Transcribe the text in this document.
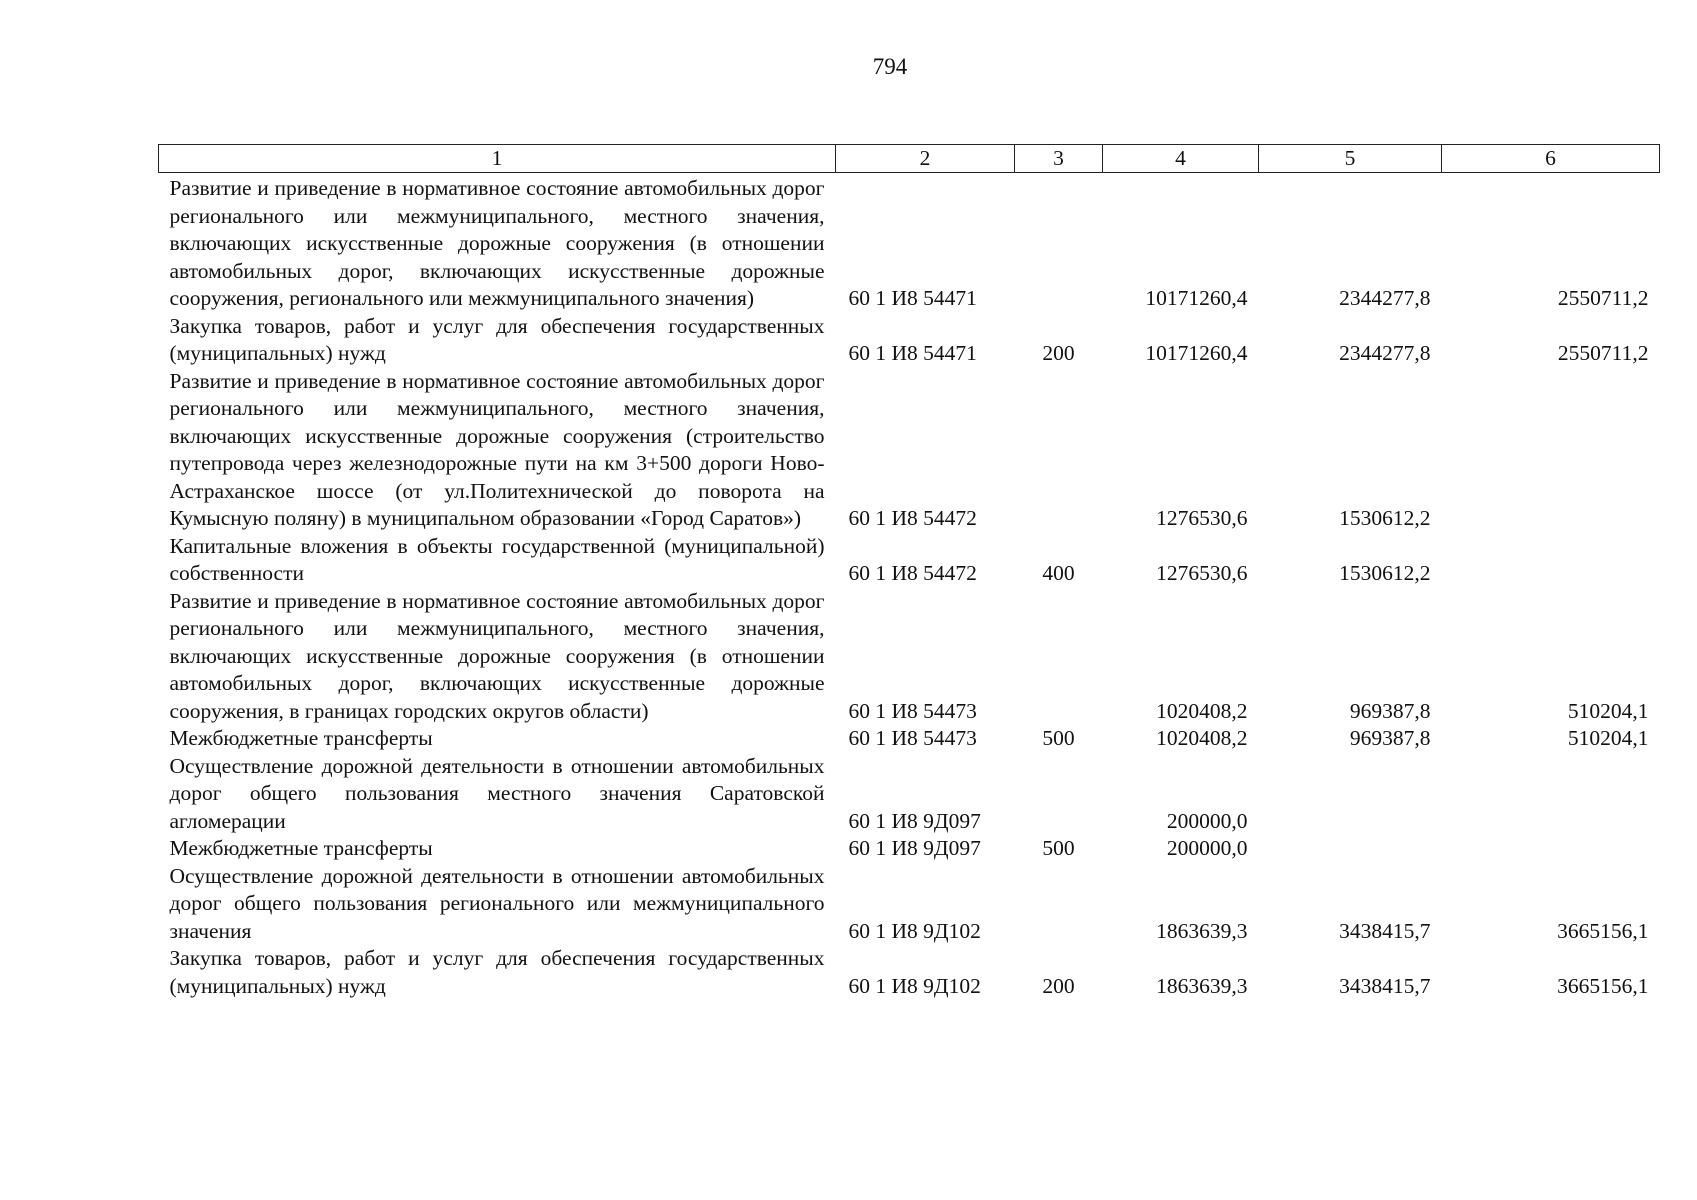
794
1	2	3	4	5	6
Развитие и приведение в нормативное состояние автомобильных дорог регионального или межмуниципального, местного значения, включающих искусственные дорожные сооружения (в отношении автомобильных дорог, включающих искусственные дорожные сооружения, регионального или межмуниципального значения)	60 1 И8 54471		10171260,4	2344277,8	2550711,2
Закупка товаров, работ и услуг для обеспечения государственных (муниципальных) нужд	60 1 И8 54471	200	10171260,4	2344277,8	2550711,2
Развитие и приведение в нормативное состояние автомобильных дорог регионального или межмуниципального, местного значения, включающих искусственные дорожные сооружения (строительство путепровода через железнодорожные пути на км 3+500 дороги Ново-Астраханское шоссе (от ул.Политехнической до поворота на Кумысную поляну) в муниципальном образовании «Город Саратов»)	60 1 И8 54472		1276530,6	1530612,2	
Капитальные вложения в объекты государственной (муниципальной) собственности	60 1 И8 54472	400	1276530,6	1530612,2	
Развитие и приведение в нормативное состояние автомобильных дорог регионального или межмуниципального, местного значения, включающих искусственные дорожные сооружения (в отношении автомобильных дорог, включающих искусственные дорожные сооружения, в границах городских округов области)	60 1 И8 54473		1020408,2	969387,8	510204,1
Межбюджетные трансферты	60 1 И8 54473	500	1020408,2	969387,8	510204,1
Осуществление дорожной деятельности в отношении автомобильных дорог общего пользования местного значения Саратовской агломерации	60 1 И8 9Д097		200000,0		
Межбюджетные трансферты	60 1 И8 9Д097	500	200000,0		
Осуществление дорожной деятельности в отношении автомобильных дорог общего пользования регионального или межмуниципального значения	60 1 И8 9Д102		1863639,3	3438415,7	3665156,1
Закупка товаров, работ и услуг для обеспечения государственных (муниципальных) нужд	60 1 И8 9Д102	200	1863639,3	3438415,7	3665156,1
